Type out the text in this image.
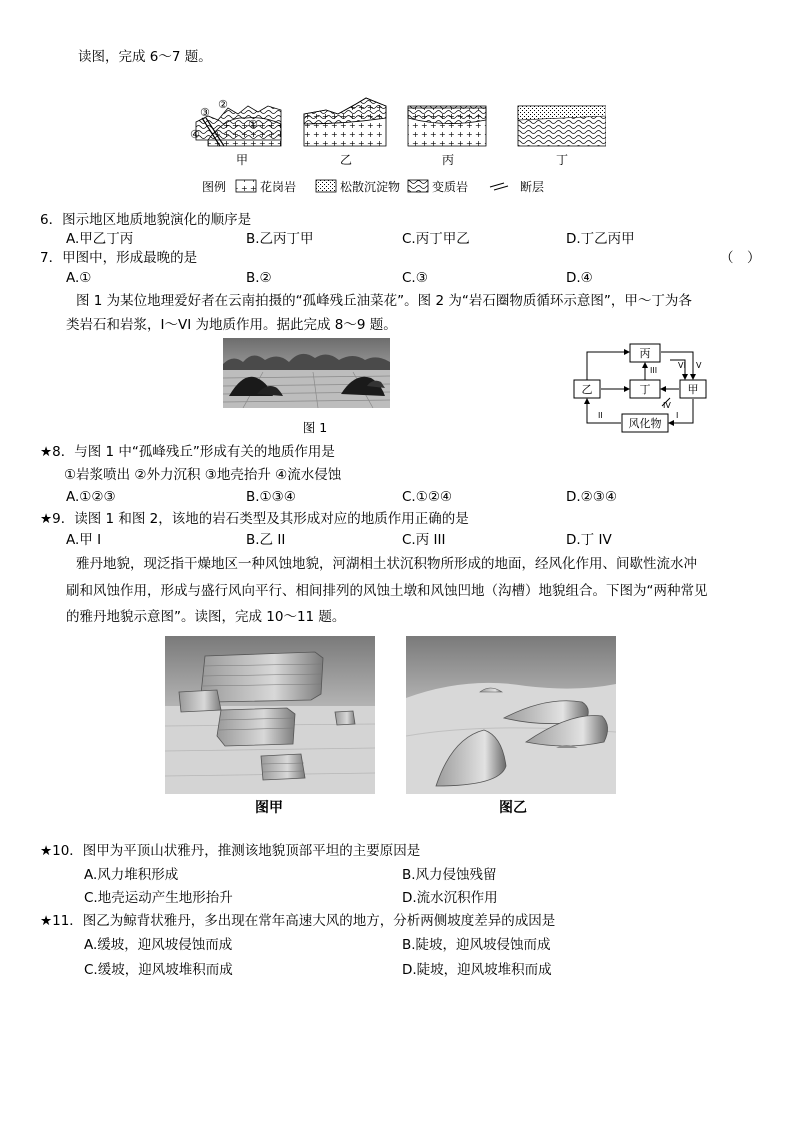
读图，完成 6～7 题。
③
②
①
④
甲	乙	丙	丁
图例	花岗岩	松散沉淀物	变质岩	断层
6．图示地区地质地貌演化的顺序是
A.甲乙丁丙	B.乙丙丁甲	C.丙丁甲乙	D.丁乙丙甲
7．甲图中，形成最晚的是	（　）
A.①	B.②	C.③	D.④
图 1 为某位地理爱好者在云南拍摄的“孤峰残丘油菜花”。图 2 为“岩石圈物质循环示意图”，甲～丁为各
类岩石和岩浆，I～VI 为地质作用。据此完成 8～9 题。
图 1
丙
乙	丁	甲
风化物
III
VI V
IV
II	I
★8．与图 1 中“孤峰残丘”形成有关的地质作用是
①岩浆喷出 ②外力沉积 ③地壳抬升 ④流水侵蚀
A.①②③	B.①③④	C.①②④	D.②③④
★9．读图 1 和图 2，该地的岩石类型及其形成对应的地质作用正确的是
A.甲 I	B.乙 II	C.丙 III	D.丁 IV
雅丹地貌，现泛指干燥地区一种风蚀地貌，河湖相土状沉积物所形成的地面，经风化作用、间歇性流水冲
刷和风蚀作用，形成与盛行风向平行、相间排列的风蚀土墩和风蚀凹地（沟槽）地貌组合。下图为“两种常见
的雅丹地貌示意图”。读图，完成 10～11 题。
图甲	图乙
★10．图甲为平顶山状雅丹，推测该地貌顶部平坦的主要原因是
A.风力堆积形成	B.风力侵蚀残留
C.地壳运动产生地形抬升	D.流水沉积作用
★11．图乙为鲸背状雅丹，多出现在常年高速大风的地方，分析两侧坡度差异的成因是
A.缓坡，迎风坡侵蚀而成	B.陡坡，迎风坡侵蚀而成
C.缓坡，迎风坡堆积而成	D.陡坡，迎风坡堆积而成
